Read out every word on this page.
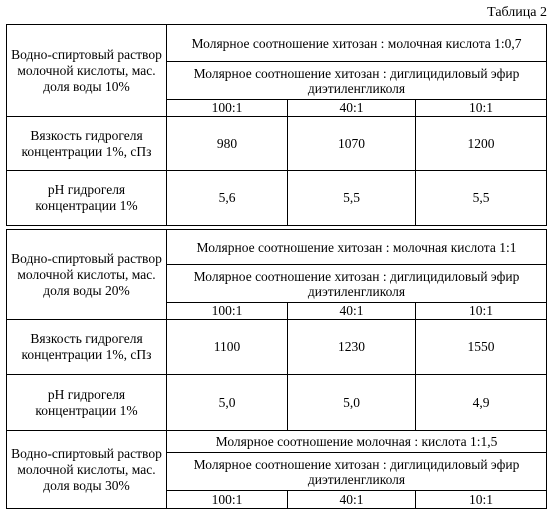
Таблица 2
Водно-спиртовый раствор молочной кислоты, мас. доля воды 10%	Молярное соотношение хитозан : молочная кислота 1:0,7		
	Молярное соотношение хитозан : диглицидиловый эфир диэтиленгликоля		
	100:1	40:1	10:1
Вязкость гидрогеля концентрации 1%, сПз	980	1070	1200
pH гидрогеля концентрации 1%	5,6	5,5	5,5
Водно-спиртовый раствор молочной кислоты, мас. доля воды 20%	Молярное соотношение хитозан : молочная кислота 1:1		
	Молярное соотношение хитозан : диглицидиловый эфир диэтиленгликоля		
	100:1	40:1	10:1
Вязкость гидрогеля концентрации 1%, сПз	1100	1230	1550
pH гидрогеля концентрации 1%	5,0	5,0	4,9
Водно-спиртовый раствор молочной кислоты, мас. доля воды 30%	Молярное соотношение молочная : кислота 1:1,5		
	Молярное соотношение хитозан : диглицидиловый эфир диэтиленгликоля		
	100:1	40:1	10:1
